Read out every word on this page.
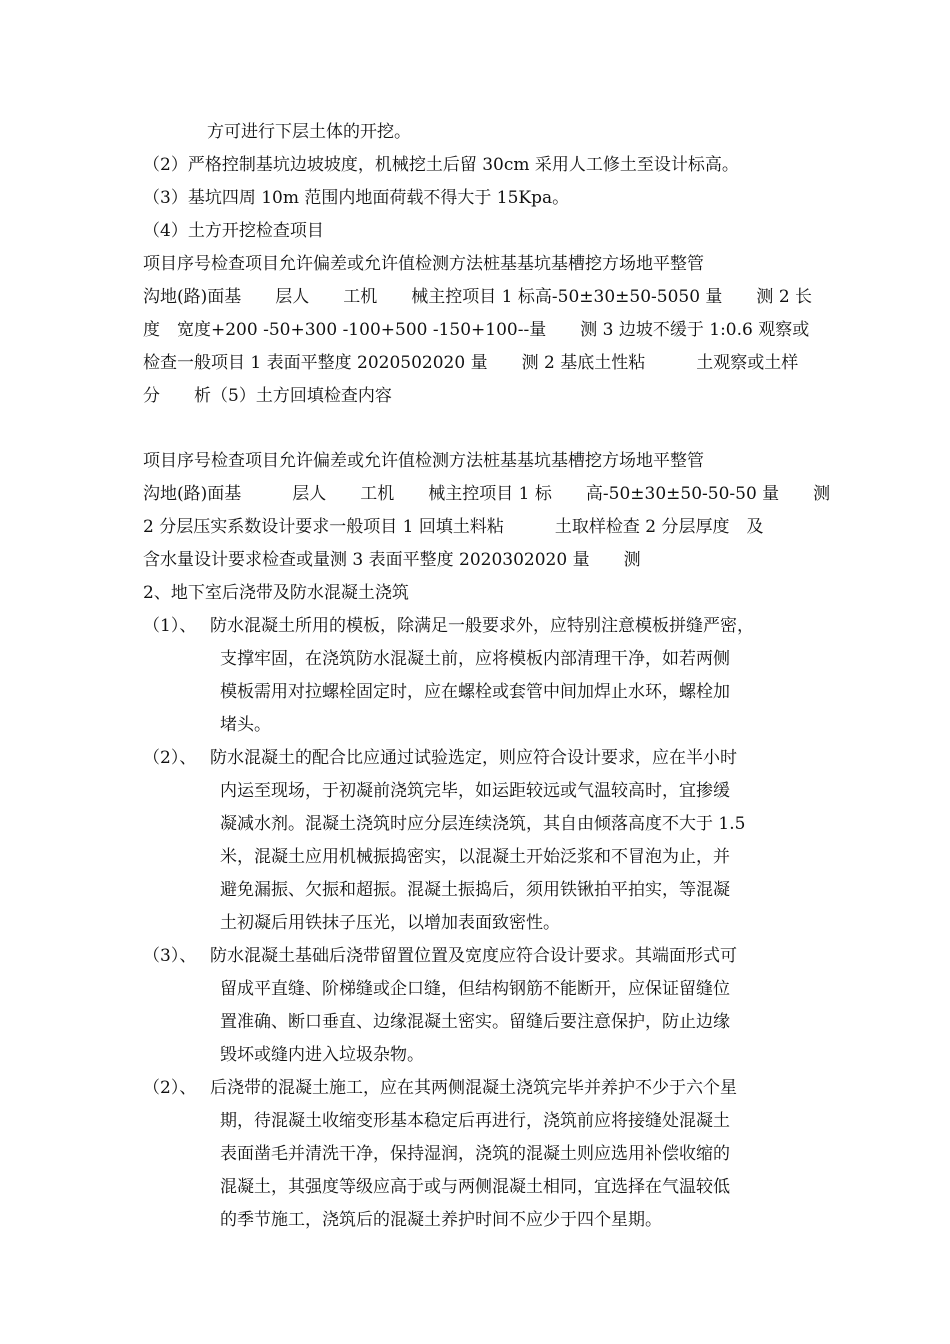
方可进行下层土体的开挖。
（2）严格控制基坑边坡坡度，机械挖土后留 30cm 采用人工修土至设计标高。
（3）基坑四周 10m 范围内地面荷载不得大于 15Kpa。
（4）土方开挖检查项目
项目序号检查项目允许偏差或允许值检测方法桩基基坑基槽挖方场地平整管
沟地(路)面基　　层人　　工机　　械主控项目 1 标高-50±30±50-5050 量　　测 2 长
度　宽度+200 -50+300 -100+500 -150+100--量　　测 3 边坡不缓于 1:0.6 观察或
检查一般项目 1 表面平整度 2020502020 量　　测 2 基底土性粘　　　土观察或土样
分　　析（5）土方回填检查内容
项目序号检查项目允许偏差或允许值检测方法桩基基坑基槽挖方场地平整管
沟地(路)面基　　　层人　　工机　　械主控项目 1 标　　高-50±30±50-50-50 量　　测
2 分层压实系数设计要求一般项目 1 回填土料粘　　　土取样检查 2 分层厚度　及
含水量设计要求检查或量测 3 表面平整度 2020302020 量　　测
2、地下室后浇带及防水混凝土浇筑
（1）、 防水混凝土所用的模板，除满足一般要求外，应特别注意模板拼缝严密，
支撑牢固，在浇筑防水混凝土前，应将模板内部清理干净，如若两侧
模板需用对拉螺栓固定时，应在螺栓或套管中间加焊止水环，螺栓加
堵头。
（2）、 防水混凝土的配合比应通过试验选定，则应符合设计要求，应在半小时
内运至现场，于初凝前浇筑完毕，如运距较远或气温较高时，宜掺缓
凝减水剂。混凝土浇筑时应分层连续浇筑，其自由倾落高度不大于 1.5
米，混凝土应用机械振捣密实，以混凝土开始泛浆和不冒泡为止，并
避免漏振、欠振和超振。混凝土振捣后，须用铁锹拍平拍实，等混凝
土初凝后用铁抹子压光，以增加表面致密性。
（3）、 防水混凝土基础后浇带留置位置及宽度应符合设计要求。其端面形式可
留成平直缝、阶梯缝或企口缝，但结构钢筋不能断开，应保证留缝位
置准确、断口垂直、边缘混凝土密实。留缝后要注意保护，防止边缘
毁坏或缝内进入垃圾杂物。
（2）、 后浇带的混凝土施工，应在其两侧混凝土浇筑完毕并养护不少于六个星
期，待混凝土收缩变形基本稳定后再进行，浇筑前应将接缝处混凝土
表面凿毛并清洗干净，保持湿润，浇筑的混凝土则应选用补偿收缩的
混凝土，其强度等级应高于或与两侧混凝土相同，宜选择在气温较低
的季节施工，浇筑后的混凝土养护时间不应少于四个星期。
